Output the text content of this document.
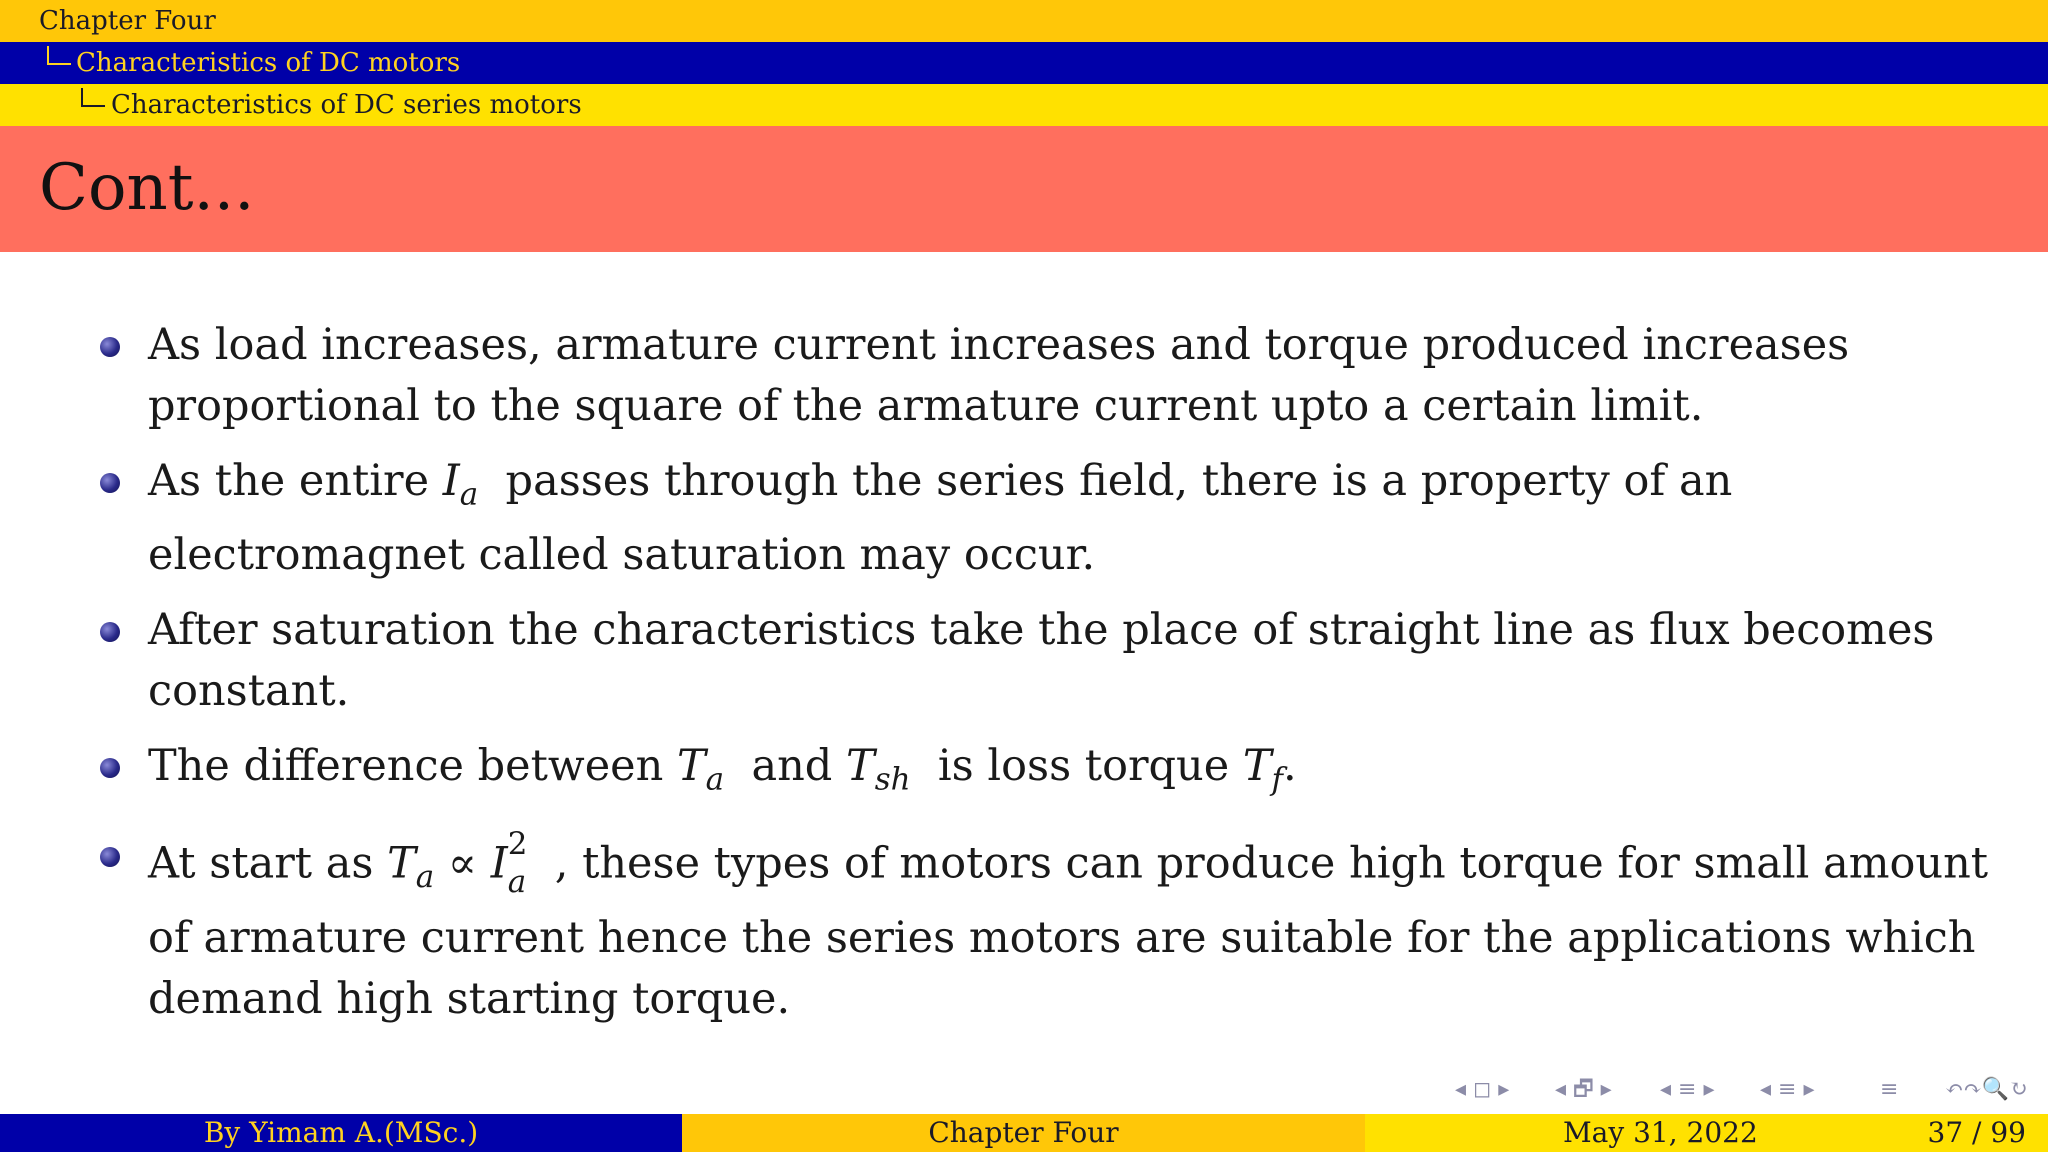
Chapter Four
Characteristics of DC motors
Characteristics of DC series motors
Cont...
As load increases, armature current increases and torque produced increases proportional to the square of the armature current upto a certain limit.
As the entire $I_a$  passes through the series field, there is a property of an electromagnet called saturation may occur.
After saturation the characteristics take the place of straight line as flux becomes constant.
The difference between $T_a$  and $T_{sh}$  is loss torque $T_f$.
At start as $T_a \propto I$ 2
a , these types of motors can produce high torque for small amount of armature current hence the series motors are suitable for the applications which demand high starting torque.
◂ ◻ ▸ ◂ 🗗 ▸ ◂ ≡ ▸ ◂ ≡ ▸	≡ ↶↷🔍↻
By Yimam A.(MSc.)	Chapter Four	May 31, 2022	37 / 99
